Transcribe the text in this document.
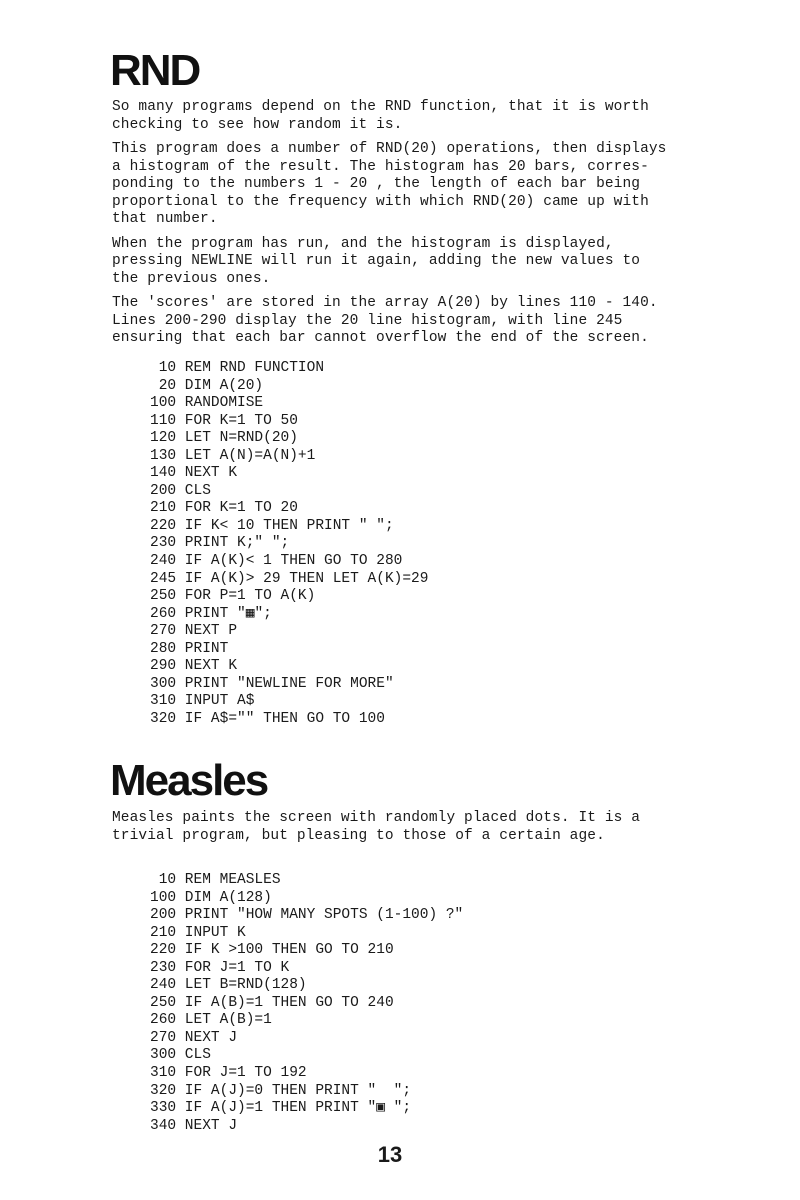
RND

So many programs depend on the RND function, that it is worth
checking to see how random it is.

This program does a number of RND(20) operations, then displays
a histogram of the result. The histogram has 20 bars, corres-
ponding to the numbers 1 - 20 , the length of each bar being
proportional to the frequency with which RND(20) came up with
that number.

When the program has run, and the histogram is displayed,
pressing NEWLINE will run it again, adding the new values to
the previous ones.

The 'scores' are stored in the array A(20) by lines 110 - 140.
Lines 200-290 display the 20 line histogram, with line 245
ensuring that each bar cannot overflow the end of the screen.

10 REM RND FUNCTION
20 DIM A(20)
100 RANDOMISE
110 FOR K=1 TO 50
120 LET N=RND(20)
130 LET A(N)=A(N)+1
140 NEXT K
200 CLS
210 FOR K=1 TO 20
220 IF K< 10 THEN PRINT " ";
230 PRINT K;" ";
240 IF A(K)< 1 THEN GO TO 280
245 IF A(K)> 29 THEN LET A(K)=29
250 FOR P=1 TO A(K)
260 PRINT "▦";
270 NEXT P
280 PRINT
290 NEXT K
300 PRINT "NEWLINE FOR MORE"
310 INPUT A$
320 IF A$="" THEN GO TO 100
Measles

Measles paints the screen with randomly placed dots. It is a
trivial program, but pleasing to those of a certain age.

10 REM MEASLES
100 DIM A(128)
200 PRINT "HOW MANY SPOTS (1-100) ?"
210 INPUT K
220 IF K >100 THEN GO TO 210
230 FOR J=1 TO K
240 LET B=RND(128)
250 IF A(B)=1 THEN GO TO 240
260 LET A(B)=1
270 NEXT J
300 CLS
310 FOR J=1 TO 192
320 IF A(J)=0 THEN PRINT "  ";
330 IF A(J)=1 THEN PRINT "▣ ";
340 NEXT J
13
